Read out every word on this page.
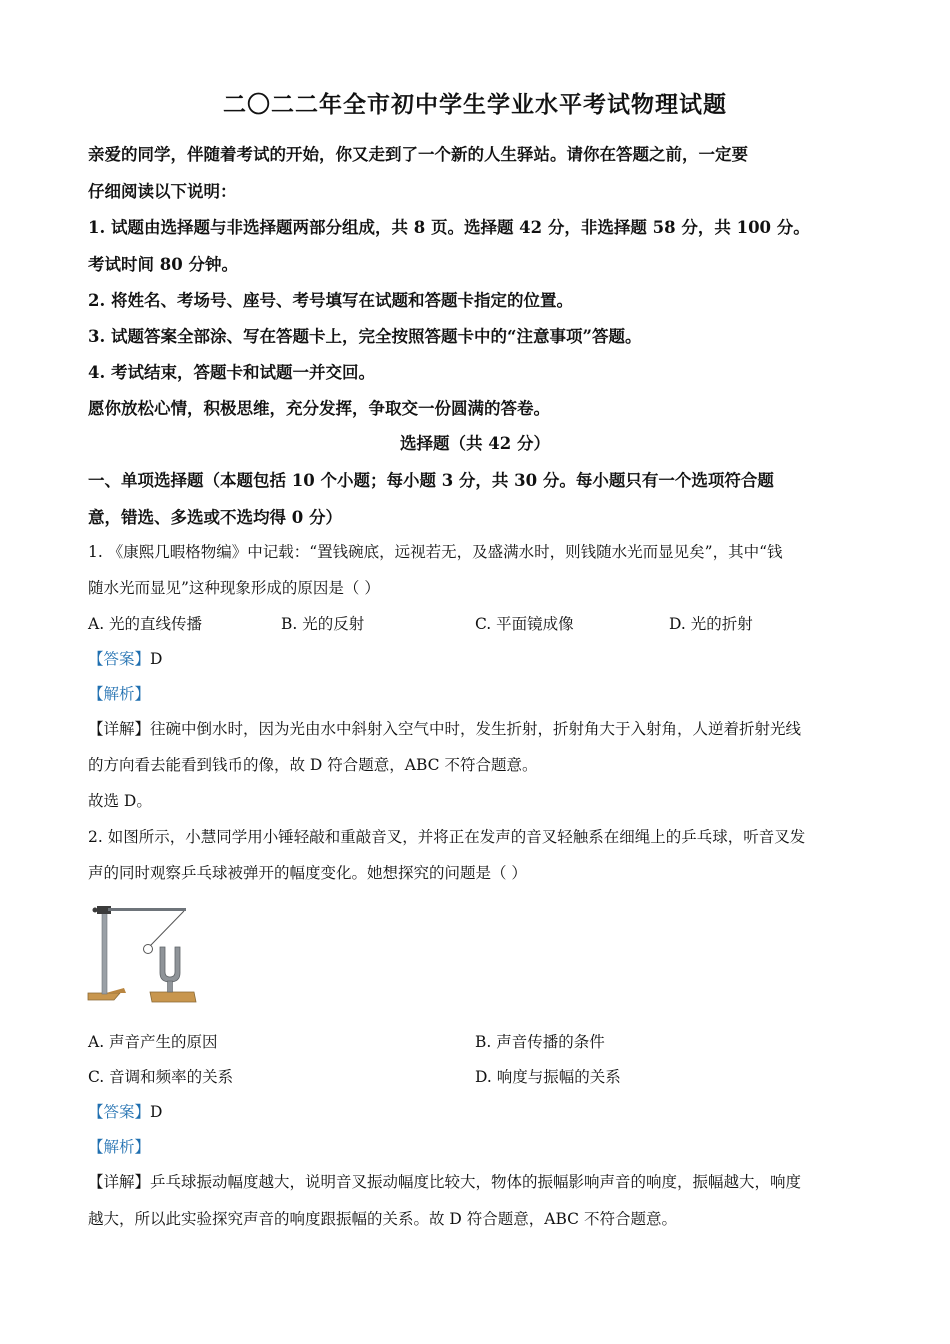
二〇二二年全市初中学生学业水平考试物理试题
亲爱的同学，伴随着考试的开始，你又走到了一个新的人生驿站。请你在答题之前，一定要
仔细阅读以下说明：
1. 试题由选择题与非选择题两部分组成，共 8 页。选择题 42 分，非选择题 58 分，共 100 分。
考试时间 80 分钟。
2. 将姓名、考场号、座号、考号填写在试题和答题卡指定的位置。
3. 试题答案全部涂、写在答题卡上，完全按照答题卡中的“注意事项”答题。
4. 考试结束，答题卡和试题一并交回。
愿你放松心情，积极思维，充分发挥，争取交一份圆满的答卷。
选择题（共 42 分）
一、单项选择题（本题包括 10 个小题；每小题 3 分，共 30 分。每小题只有一个选项符合题
意，错选、多选或不选均得 0 分）
1. 《康熙几暇格物编》中记载：“置钱碗底，远视若无，及盛满水时，则钱随水光而显见矣”，其中“钱
随水光而显见”这种现象形成的原因是（ ）
A. 光的直线传播	B. 光的反射	C. 平面镜成像	D. 光的折射
【答案】D
【解析】
【详解】往碗中倒水时，因为光由水中斜射入空气中时，发生折射，折射角大于入射角，人逆着折射光线
的方向看去能看到钱币的像，故 D 符合题意，ABC 不符合题意。
故选 D。
2. 如图所示，小慧同学用小锤轻敲和重敲音叉，并将正在发声的音叉轻触系在细绳上的乒乓球，听音叉发
声的同时观察乒乓球被弹开的幅度变化。她想探究的问题是（ ）
A. 声音产生的原因	B. 声音传播的条件
C. 音调和频率的关系	D. 响度与振幅的关系
【答案】D
【解析】
【详解】乒乓球振动幅度越大，说明音叉振动幅度比较大，物体的振幅影响声音的响度，振幅越大，响度
越大，所以此实验探究声音的响度跟振幅的关系。故 D 符合题意，ABC 不符合题意。
